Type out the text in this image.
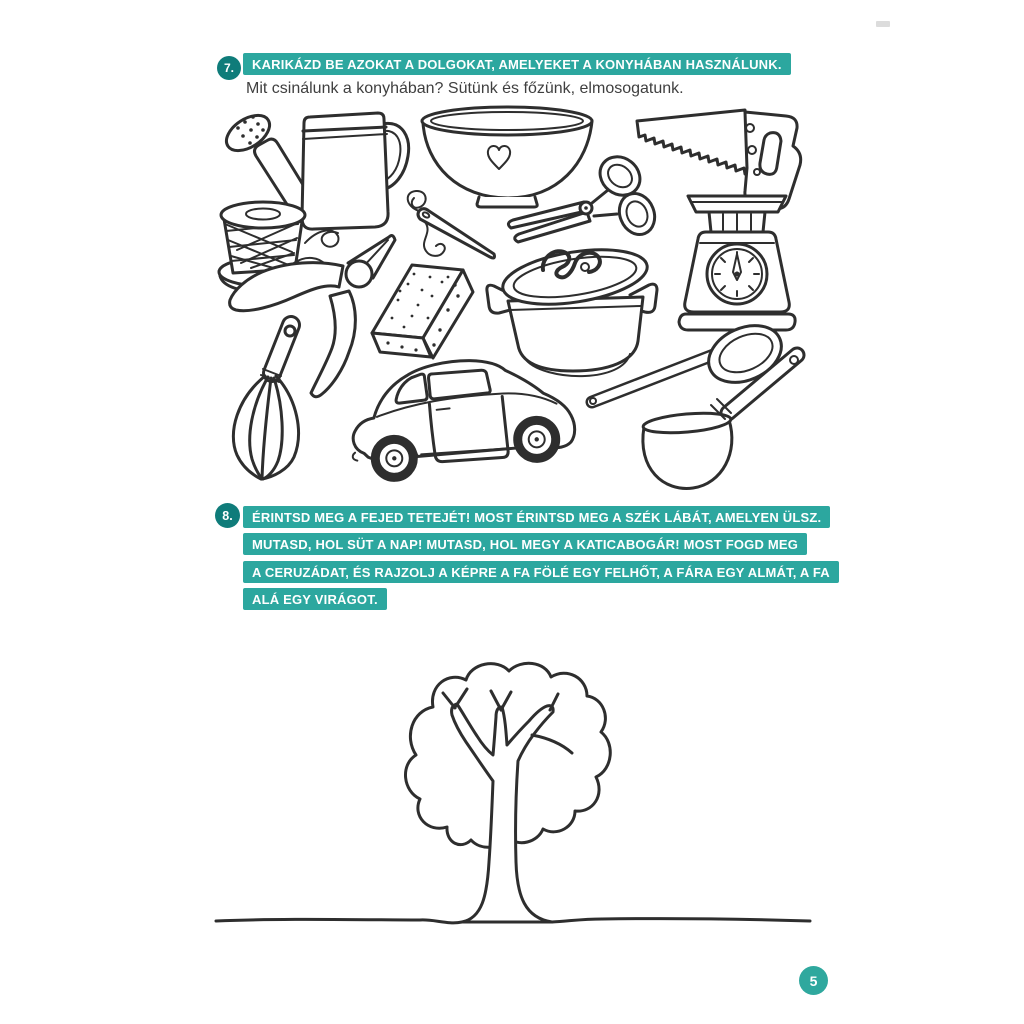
7.	KARIKÁZD BE AZOKAT A DOLGOKAT, AMELYEKET A KONYHÁBAN HASZNÁLUNK.
Mit csinálunk a konyhában? Sütünk és főzünk, elmosogatunk.
8.	ÉRINTSD MEG A FEJED TETEJÉT! MOST ÉRINTSD MEG A SZÉK LÁBÁT, AMELYEN ÜLSZ.
MUTASD, HOL SÜT A NAP! MUTASD, HOL MEGY A KATICABOGÁR! MOST FOGD MEG
A CERUZÁDAT, ÉS RAJZOLJ A KÉPRE A FA FÖLÉ EGY FELHŐT, A FÁRA EGY ALMÁT, A FA
ALÁ EGY VIRÁGOT.
5
